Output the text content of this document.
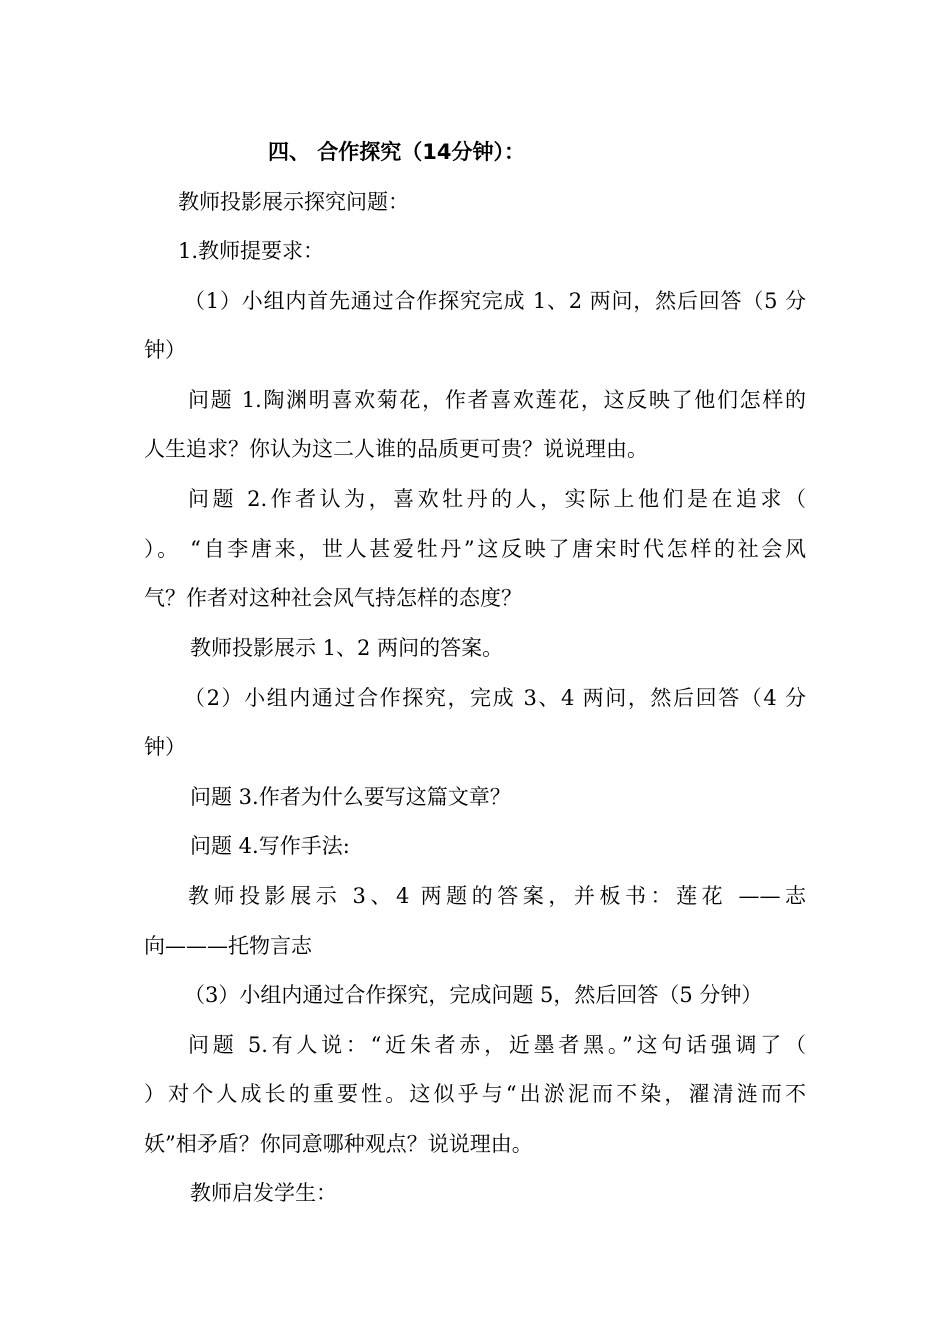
四、 合作探究（14分钟）：
教师投影展示探究问题：
1.教师提要求：
（1）小组内首先通过合作探究完成 1、2 两问，然后回答（5 分
钟）
问题 1.陶渊明喜欢菊花，作者喜欢莲花，这反映了他们怎样的
人生追求？你认为这二人谁的品质更可贵？说说理由。
问题 2.作者认为，喜欢牡丹的人，实际上他们是在追求（
）。 “自李唐来，世人甚爱牡丹”这反映了唐宋时代怎样的社会风
气？作者对这种社会风气持怎样的态度？
教师投影展示 1、2 两问的答案。
（2）小组内通过合作探究，完成 3、4 两问，然后回答（4 分
钟）
问题 3.作者为什么要写这篇文章？
问题 4.写作手法:
教师投影展示 3、4 两题的答案，并板书：莲花 ——志
向———托物言志
（3）小组内通过合作探究，完成问题 5，然后回答（5 分钟）
问题 5.有人说：“近朱者赤，近墨者黑。”这句话强调了（
）对个人成长的重要性。这似乎与“出淤泥而不染，濯清涟而不
妖”相矛盾？你同意哪种观点？说说理由。
教师启发学生：
